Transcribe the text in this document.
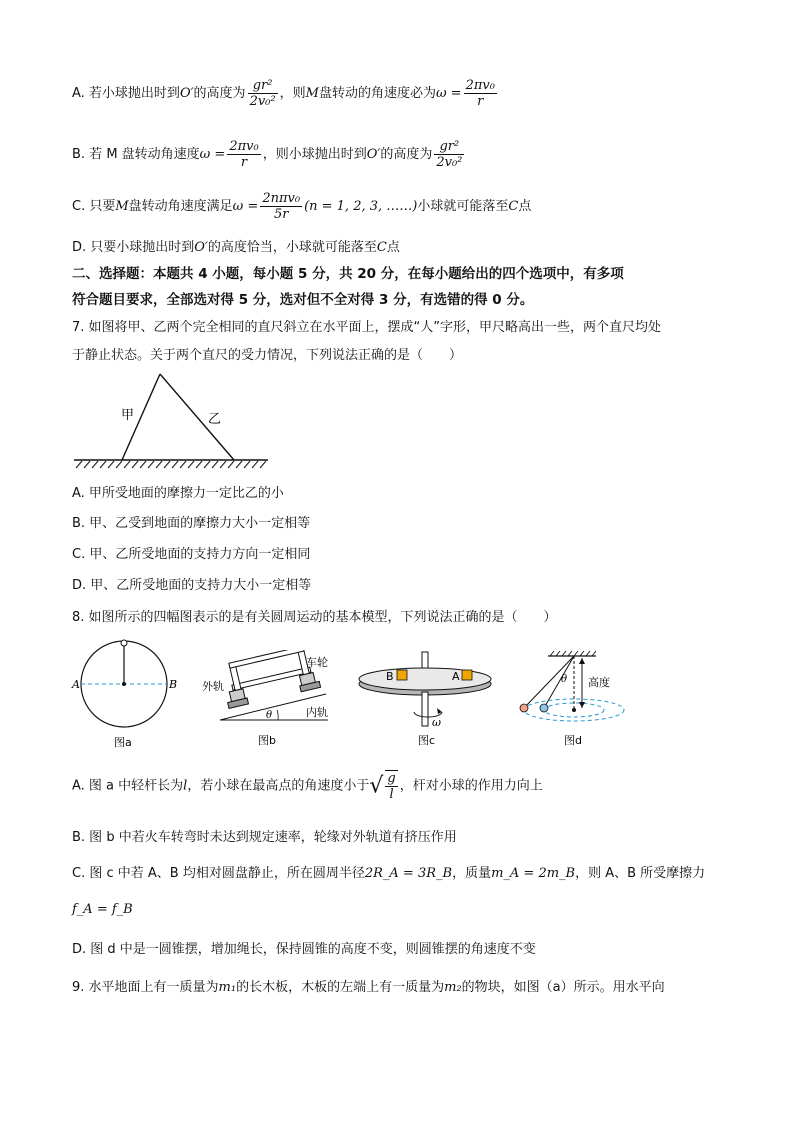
A. 若小球抛出时到O′的高度为 $\frac{\text{gr²}}{\text{2v₀²}}$ ，则M盘转动的角速度必为$\omega = \frac{\text{2πv₀}}{r}$
B. 若 M 盘转动角速度$\omega = \frac{\text{2πv₀}}{r}$ ，则小球抛出时到O′的高度为 $\frac{\text{gr²}}{\text{2v₀²}}$
C. 只要M盘转动角速度满足$\omega = \frac{\text{2nπv₀}}{5r} (n = 1$, 2, 3, ……)小球就可能落至C点
D. 只要小球抛出时到O′的高度恰当，小球就可能落至C点
二、选择题：本题共 4 小题，每小题 5 分，共 20 分，在每小题给出的四个选项中，有多项
符合题目要求，全部选对得 5 分，选对但不全对得 3 分，有选错的得 0 分。
7. 如图将甲、乙两个完全相同的直尺斜立在水平面上，摆成“人”字形，甲尺略高出一些，两个直尺均处
于静止状态。关于两个直尺的受力情况，下列说法正确的是（　　）
甲	乙
A. 甲所受地面的摩擦力一定比乙的小
B. 甲、乙受到地面的摩擦力大小一定相等
C. 甲、乙所受地面的支持力方向一定相同
D. 甲、乙所受地面的支持力大小一定相等
8. 如图所示的四幅图表示的是有关圆周运动的基本模型，下列说法正确的是（　　）
A	B
图a
外轨
车轮
内轨
θ
图b
B	A
ω
图c
θ 高度
图d
A. 图 a 中轻杆长为l，若小球在最高点的角速度小于√ $\frac{g}{l}$ ，杆对小球的作用力向上
B. 图 b 中若火车转弯时未达到规定速率，轮缘对外轨道有挤压作用
C. 图 c 中若 A、B 均相对圆盘静止，所在圆周半径2R_A = 3R_B，质量m_A = 2m_B，则 A、B 所受摩擦力
f_A = f_B
D. 图 d 中是一圆锥摆，增加绳长，保持圆锥的高度不变，则圆锥摆的角速度不变
9. 水平地面上有一质量为m₁的长木板，木板的左端上有一质量为m₂的物块，如图（a）所示。用水平向
